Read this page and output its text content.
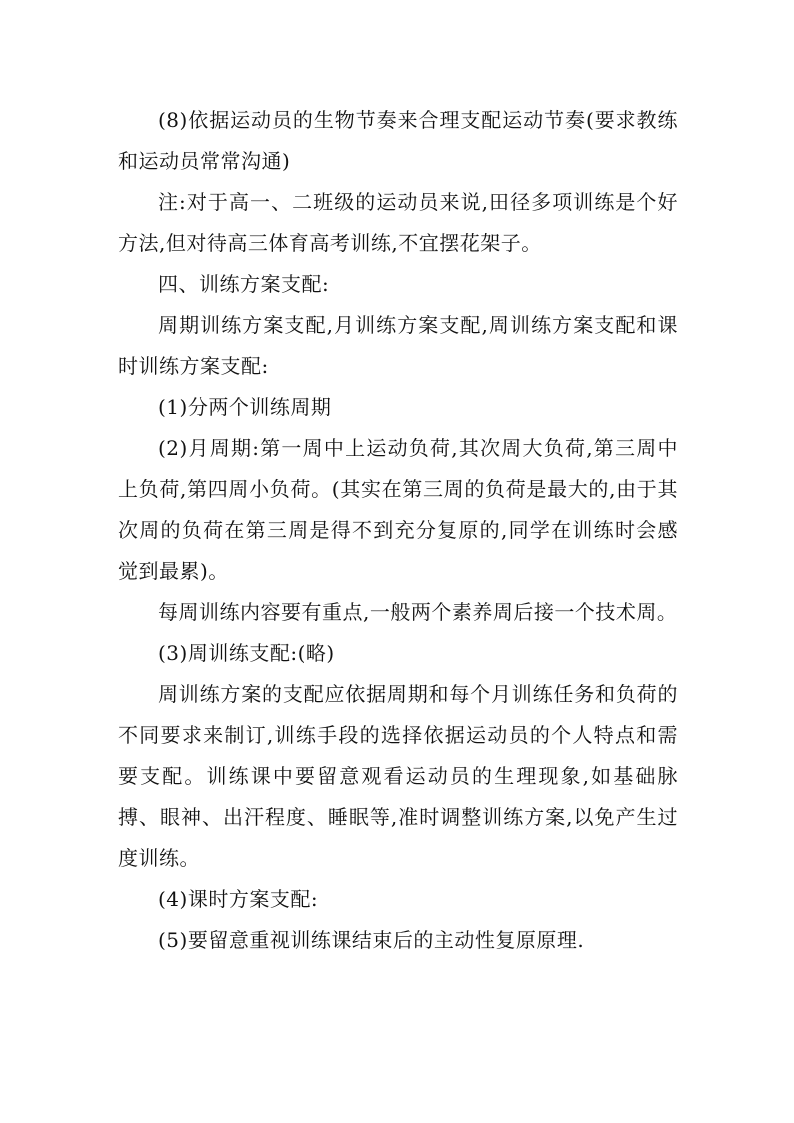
(8)依据运动员的生物节奏来合理支配运动节奏(要求教练和运动员常常沟通)

注:对于高一、二班级的运动员来说,田径多项训练是个好方法,但对待高三体育高考训练,不宜摆花架子。

四、训练方案支配:

周期训练方案支配,月训练方案支配,周训练方案支配和课时训练方案支配:

(1)分两个训练周期

(2)月周期:第一周中上运动负荷,其次周大负荷,第三周中上负荷,第四周小负荷。(其实在第三周的负荷是最大的,由于其次周的负荷在第三周是得不到充分复原的,同学在训练时会感觉到最累)。

每周训练内容要有重点,一般两个素养周后接一个技术周。

(3)周训练支配:(略)

周训练方案的支配应依据周期和每个月训练任务和负荷的不同要求来制订,训练手段的选择依据运动员的个人特点和需要支配。训练课中要留意观看运动员的生理现象,如基础脉搏、眼神、出汗程度、睡眠等,准时调整训练方案,以免产生过度训练。

(4)课时方案支配:

(5)要留意重视训练课结束后的主动性复原原理.
